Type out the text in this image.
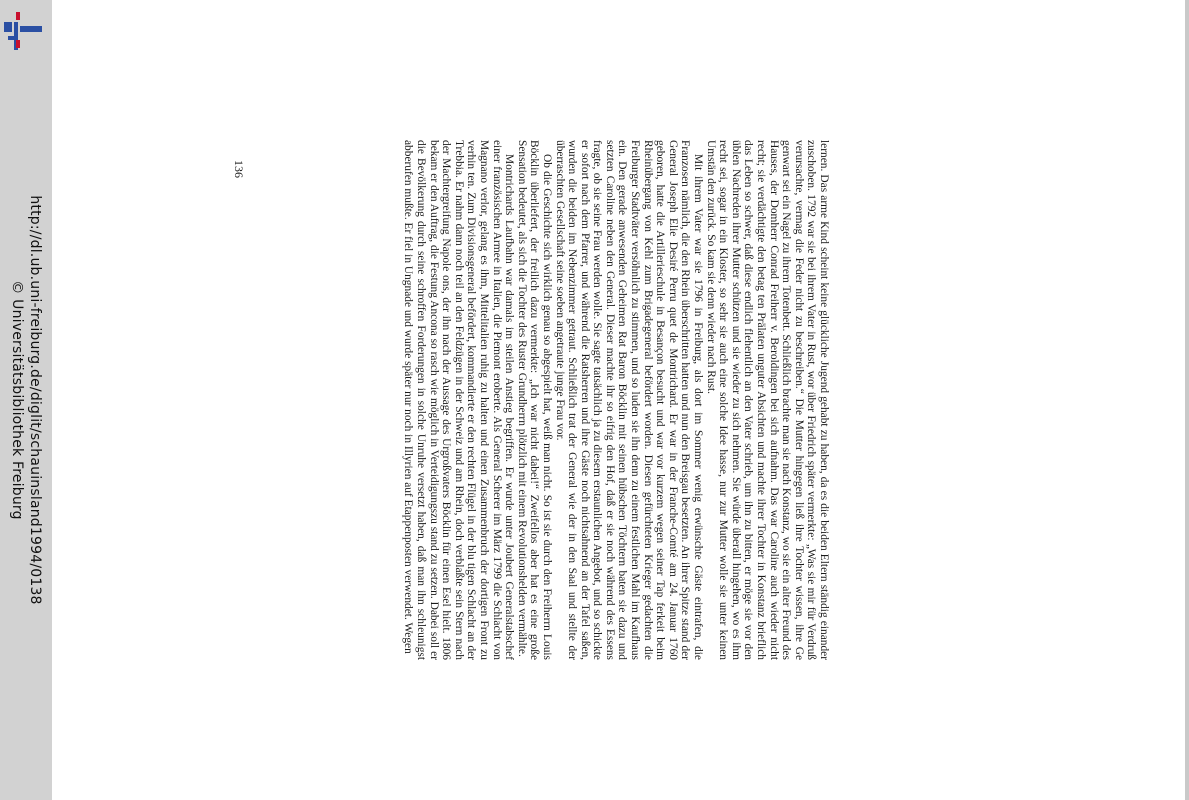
http://dl.ub.uni-freiburg.de/diglit/schauinsland1994/0138
© Universitätsbibliothek Freiburg
136	lernen. Das arme Kind scheint keine glückliche Jugend gehabt zu haben, da es die beiden Eltern ständig einander zuschoben. 1792 war sie bei ihrem Vater in Rust, wor über Friedrich später vermerkte: „Was sie mir für Verdruß verursachte, vermag die Feder nicht zu beschreiben.“ Die Mutter hingegen ließ ihre Tochter wissen, ihre Ge genwart sei ein Nagel zu ihrem Totenbett. Schließlich brachte man sie nach Konstanz, wo sie ein alter Freund des Hauses, der Domherr Conrad Freiherr v. Beroldingen bei sich aufnahm. Das war Caroline auch wieder nicht recht; sie verdächtigte den betag ten Prälaten unguter Absichten und machte ihrer Tochter in Konstanz brieflich das Leben so schwer, daß diese endlich flehentlich an den Vater schrieb, um ihn zu bitten, er möge sie vor den üblen Nachreden ihrer Mutter schützen und sie wieder zu sich nehmen. Sie würde überall hingehen, wo es ihm recht sei, sogar in ein Kloster, so sehr sie auch eine solche Idee hasse, nur zur Mutter wolle sie unter keinen Umstän den zurück. So kam sie denn wieder nach Rust.

Mit ihrem Vater war sie 1796 in Freiburg, als dort im Sommer wenig erwünschte Gäste eintrafen, die Franzosen nämlich, die den Rhein überschritten hatten und nun den Breisgau besetzten. An ihrer Spitze stand der General Joseph Elie Desiré Perru quet de Montrichard. Er war in der Franche-Comté am 24. Januar 1760 geboren, hatte die Artillerieschule in Besançon besucht und war vor kurzem wegen seiner Tap ferkeit beim Rheinübergang von Kehl zum Brigadegeneral befördert worden. Diesen gefürchteten Krieger gedachten die Freiburger Stadtväter versöhnlich zu stimmen, und so luden sie ihn denn zu einem festlichen Mahl im Kaufhaus ein. Den gerade anwesenden Geheimen Rat Baron Böcklin mit seinen hübschen Töchtern baten sie dazu und setzten Caroline neben den General. Dieser machte ihr so eifrig den Hof, daß er sie noch während des Essens fragte, ob sie seine Frau werden wolle. Sie sagte tatsächlich ja zu diesem erstaunlichen Angebot, und so schickte er sofort nach dem Pfarrer, und während die Ratsherren und ihre Gäste noch nichtsahnend an der Tafel saßen, wurden die beiden im Nebenzimmer getraut. Schließlich trat der General wie der in den Saal und stellte der überraschten Gesellschaft seine soeben angetraute junge Frau vor.

Ob die Geschichte sich wirklich genau so abgespielt hat, weiß man nicht. So ist sie durch den Freiherrn Louis Böcklin überliefert, der freilich dazu vermerkte: „Ich war nicht dabei!“ Zweifellos aber hat es eine große Sensation bedeutet, als sich die Tochter des Ruster Grundherrn plötzlich mit einem Revolutionshelden vermählte.

Montrichards Laufbahn war damals im steilen Anstieg begriffen. Er wurde unter Joubert Generalstabschef einer französischen Armee in Italien, die Piemont eroberte. Als General Scherer im März 1799 die Schlacht von Magnano verlor, gelang es ihm, Mittelitalien ruhig zu halten und einen Zusammenbruch der dortigen Front zu verhin ten. Zum Divisionsgeneral befördert, kommandierte er den rechten Flügel in der blu tigen Schlacht an der Trebbia. Er nahm dann noch teil an den Feldzügen in der Schweiz und am Rhein, doch verblaßte sein Stern nach der Machtergreifung Napole ons, der ihn nach der Aussage des Urgroßvaters Böcklin für einen Esel hielt. 1806 bekam er den Auftrag, die Festung Ancona so rasch wie möglich in Verteidigungszu stand zu setzen. Dabei soll er die Bevölkerung durch seine schroffen Forderungen in solche Unruhe versetzt haben, daß man ihn schleunigst abberufen mußte. Er fiel in Ungnade und wurde später nur noch in Illyrien auf Etappenposten verwendet. Wegen
